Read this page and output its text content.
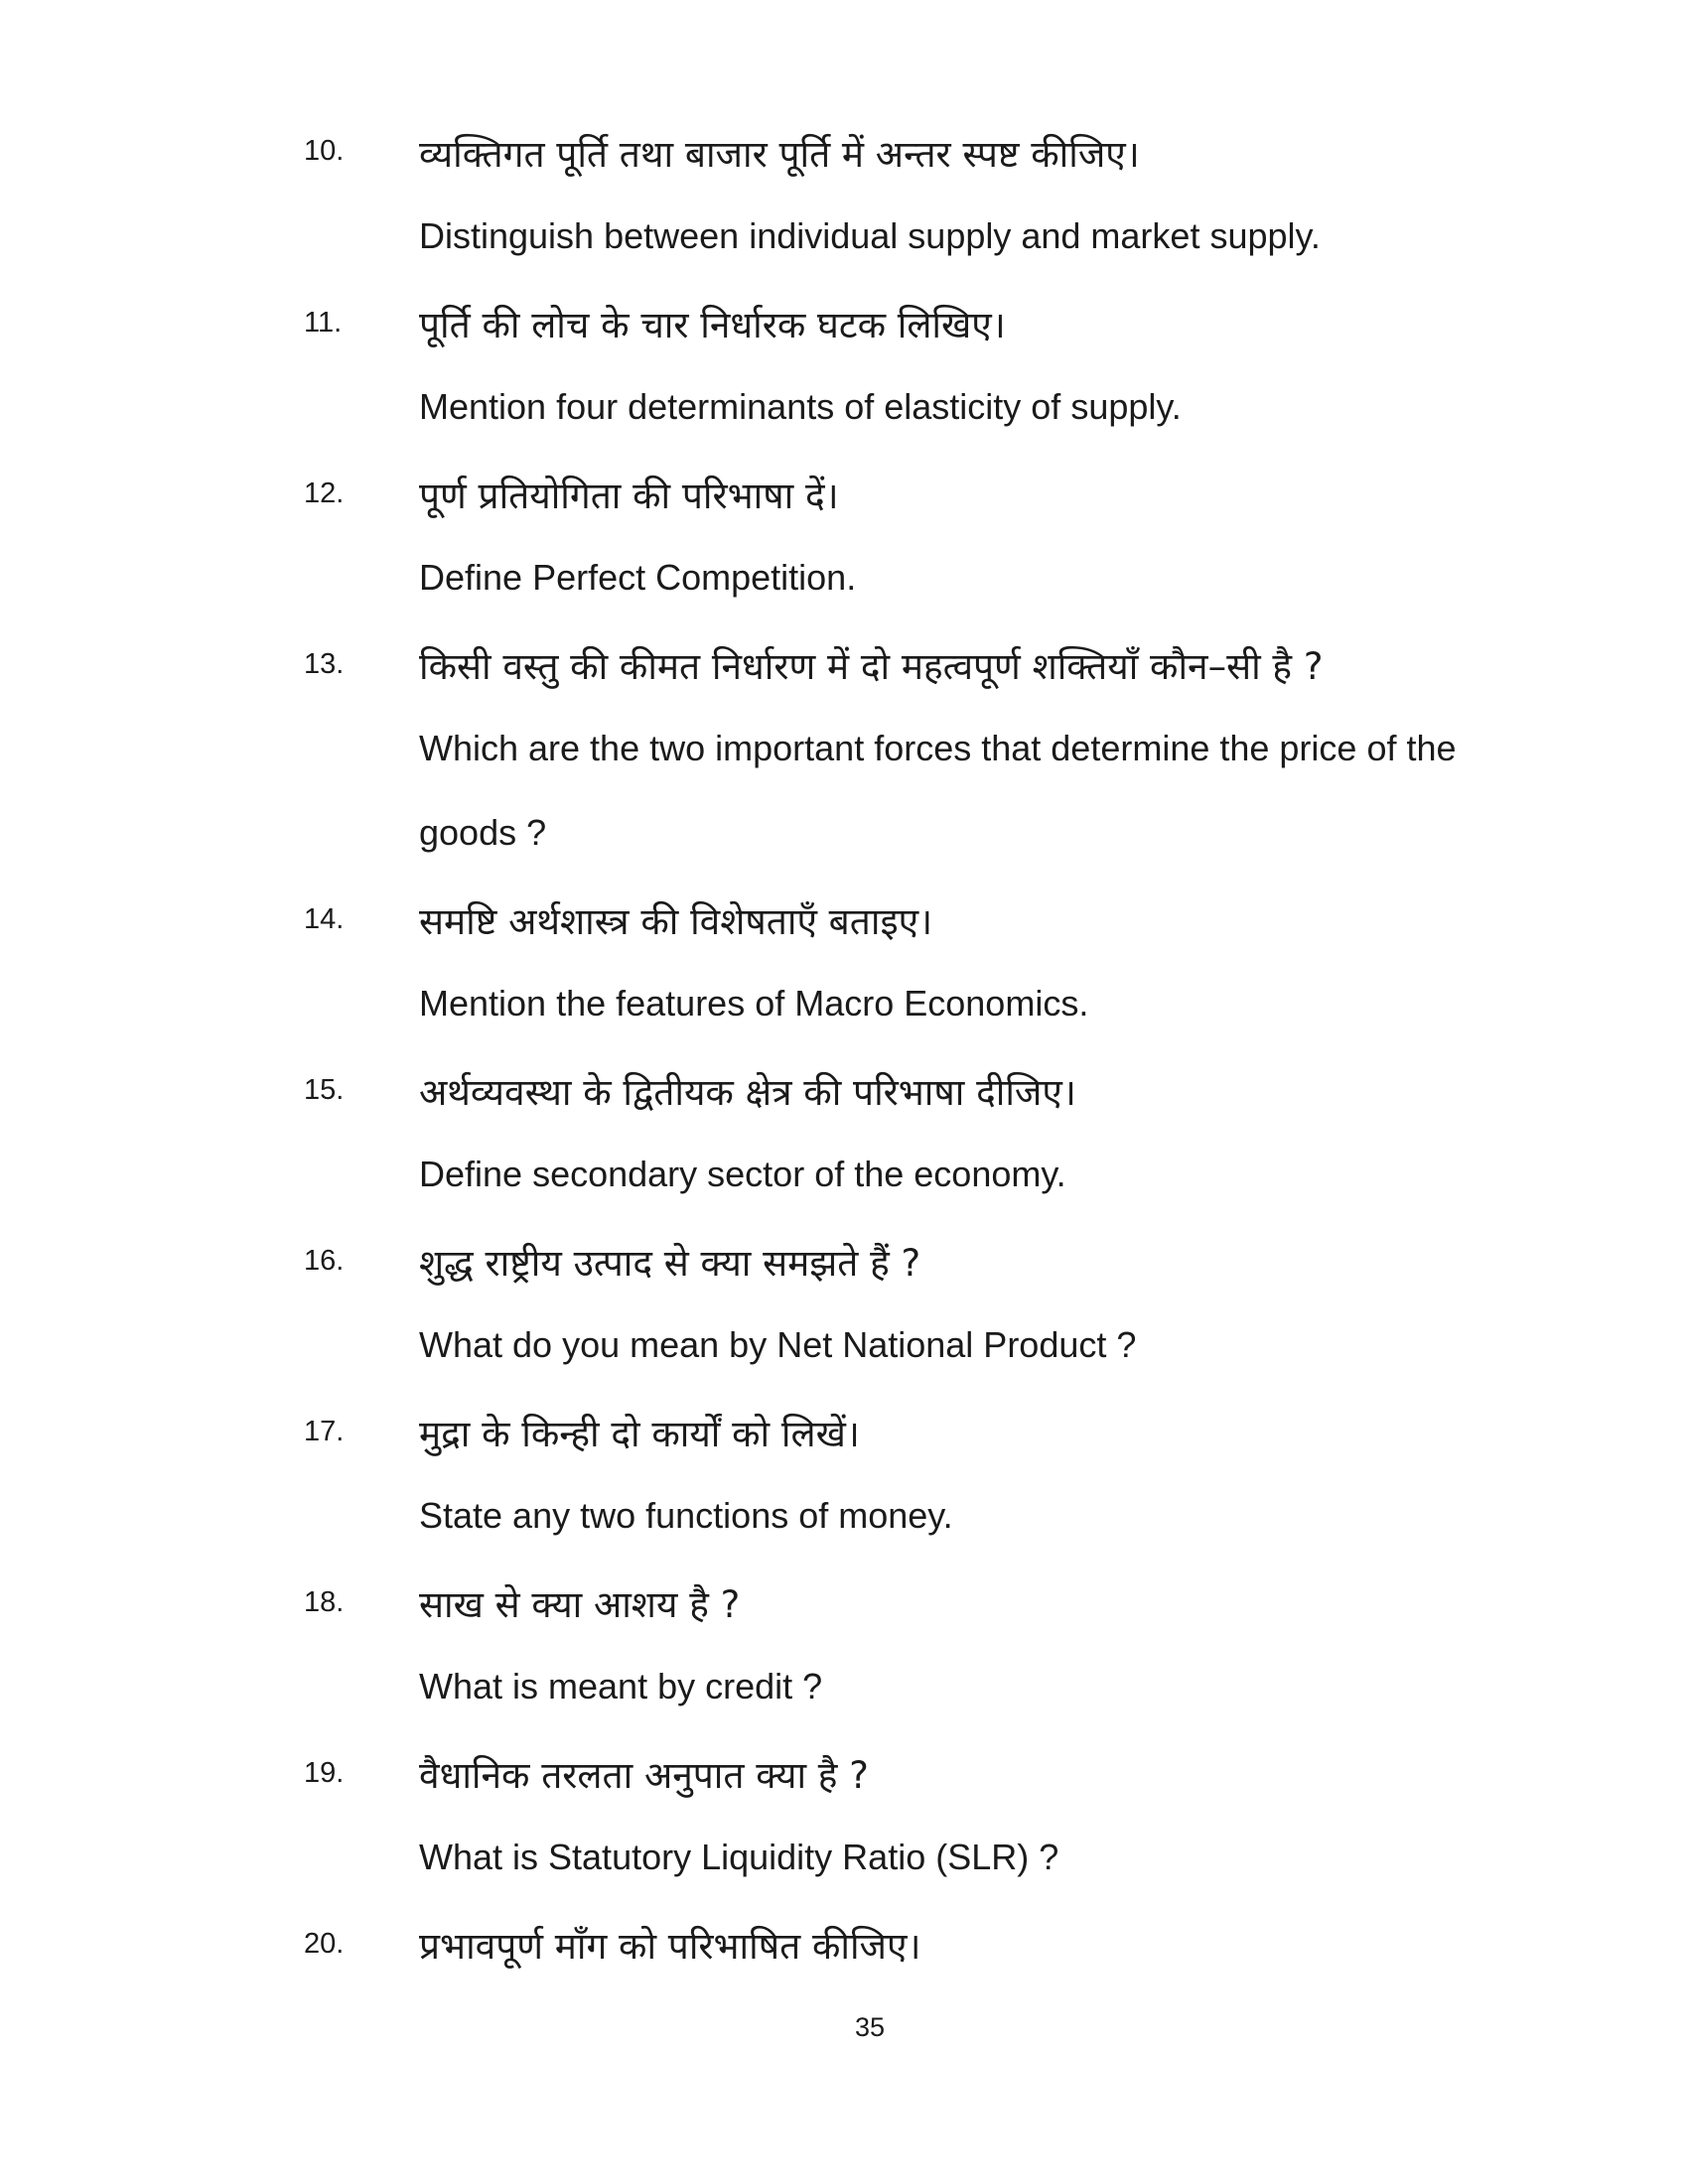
10. व्यक्तिगत पूर्ति तथा बाजार पूर्ति में अन्तर स्पष्ट कीजिए।
Distinguish between individual supply and market supply.
11. पूर्ति की लोच के चार निर्धारक घटक लिखिए।
Mention four determinants of elasticity of supply.
12. पूर्ण प्रतियोगिता की परिभाषा दें।
Define Perfect Competition.
13. किसी वस्तु की कीमत निर्धारण में दो महत्वपूर्ण शक्तियाँ कौन–सी है ?
Which are the two important forces that determine the price of the
goods ?
14. समष्टि अर्थशास्त्र की विशेषताएँ बताइए।
Mention the features of Macro Economics.
15. अर्थव्यवस्था के द्वितीयक क्षेत्र की परिभाषा दीजिए।
Define secondary sector of the economy.
16. शुद्ध राष्ट्रीय उत्पाद से क्या समझते हैं ?
What do you mean by Net National Product ?
17. मुद्रा के किन्ही दो कार्यों को लिखें।
State any two functions of money.
18. साख से क्या आशय है ?
What is meant by credit ?
19. वैधानिक तरलता अनुपात क्या है ?
What is Statutory Liquidity Ratio (SLR) ?
20. प्रभावपूर्ण माँग को परिभाषित कीजिए।
35
